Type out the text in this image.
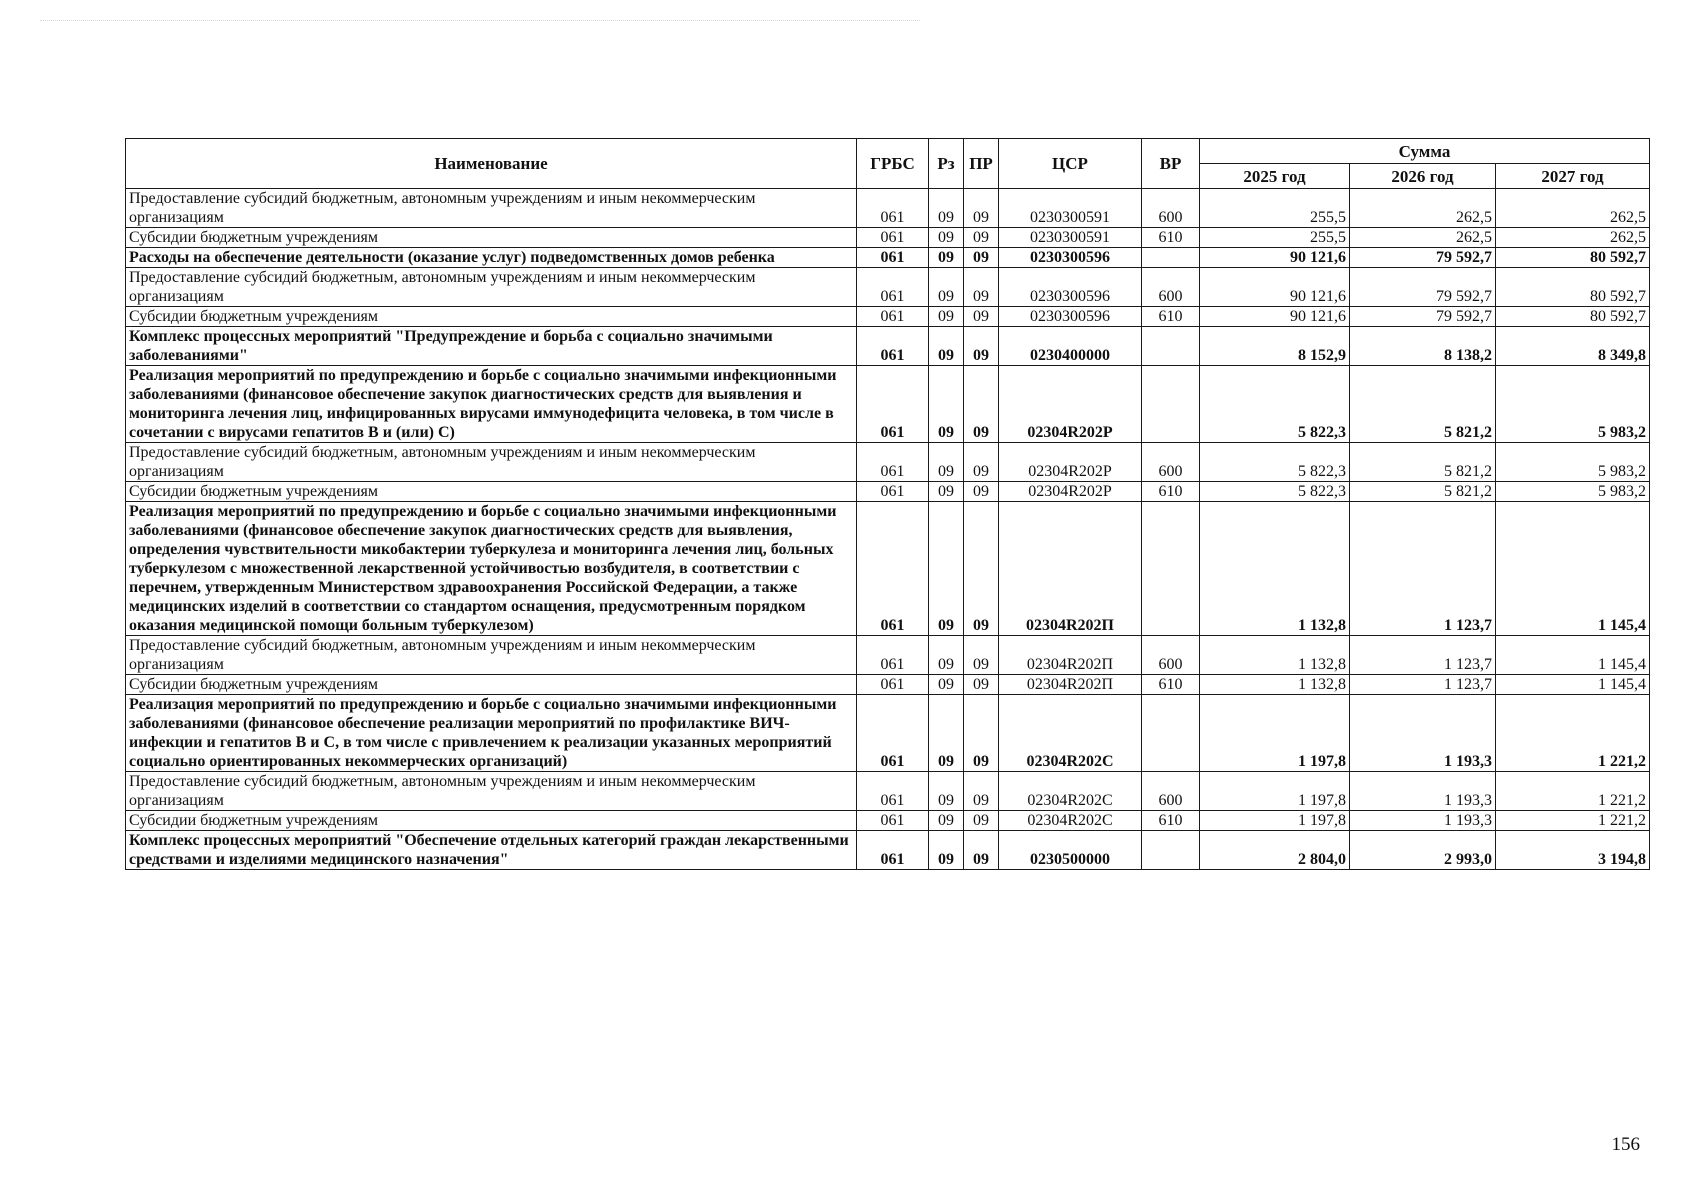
Наименование	ГРБС	Рз	ПР	ЦСР	ВР	Сумма		
						2025 год	2026 год	2027 год
Предоставление субсидий бюджетным, автономным учреждениям и иным некоммерческим организациям	061	09	09	0230300591	600	255,5	262,5	262,5
Субсидии бюджетным учреждениям	061	09	09	0230300591	610	255,5	262,5	262,5
Расходы на обеспечение деятельности (оказание услуг) подведомственных домов ребенка	061	09	09	0230300596		90 121,6	79 592,7	80 592,7
Предоставление субсидий бюджетным, автономным учреждениям и иным некоммерческим организациям	061	09	09	0230300596	600	90 121,6	79 592,7	80 592,7
Субсидии бюджетным учреждениям	061	09	09	0230300596	610	90 121,6	79 592,7	80 592,7
Комплекс процессных мероприятий "Предупреждение и борьба с социально значимыми заболеваниями"	061	09	09	0230400000		8 152,9	8 138,2	8 349,8
Реализация мероприятий по предупреждению и борьбе с социально значимыми инфекционными заболеваниями (финансовое обеспечение закупок диагностических средств для выявления и мониторинга лечения лиц, инфицированных вирусами иммунодефицита человека, в том числе в сочетании с вирусами гепатитов В и (или) С)	061	09	09	02304R202Р		5 822,3	5 821,2	5 983,2
Предоставление субсидий бюджетным, автономным учреждениям и иным некоммерческим организациям	061	09	09	02304R202Р	600	5 822,3	5 821,2	5 983,2
Субсидии бюджетным учреждениям	061	09	09	02304R202Р	610	5 822,3	5 821,2	5 983,2
Реализация мероприятий по предупреждению и борьбе с социально значимыми инфекционными заболеваниями (финансовое обеспечение закупок диагностических средств для выявления, определения чувствительности микобактерии туберкулеза и мониторинга лечения лиц, больных туберкулезом с множественной лекарственной устойчивостью возбудителя, в соответствии с перечнем, утвержденным Министерством здравоохранения Российской Федерации, а также медицинских изделий в соответствии со стандартом оснащения, предусмотренным порядком оказания медицинской помощи больным туберкулезом)	061	09	09	02304R202П		1 132,8	1 123,7	1 145,4
Предоставление субсидий бюджетным, автономным учреждениям и иным некоммерческим организациям	061	09	09	02304R202П	600	1 132,8	1 123,7	1 145,4
Субсидии бюджетным учреждениям	061	09	09	02304R202П	610	1 132,8	1 123,7	1 145,4
Реализация мероприятий по предупреждению и борьбе с социально значимыми инфекционными заболеваниями (финансовое обеспечение реализации мероприятий по профилактике ВИЧ- инфекции и гепатитов В и С, в том числе с привлечением к реализации указанных мероприятий социально ориентированных некоммерческих организаций)	061	09	09	02304R202С		1 197,8	1 193,3	1 221,2
Предоставление субсидий бюджетным, автономным учреждениям и иным некоммерческим организациям	061	09	09	02304R202С	600	1 197,8	1 193,3	1 221,2
Субсидии бюджетным учреждениям	061	09	09	02304R202С	610	1 197,8	1 193,3	1 221,2
Комплекс процессных мероприятий "Обеспечение отдельных категорий граждан лекарственными средствами и изделиями медицинского назначения"	061	09	09	0230500000		2 804,0	2 993,0	3 194,8
156
